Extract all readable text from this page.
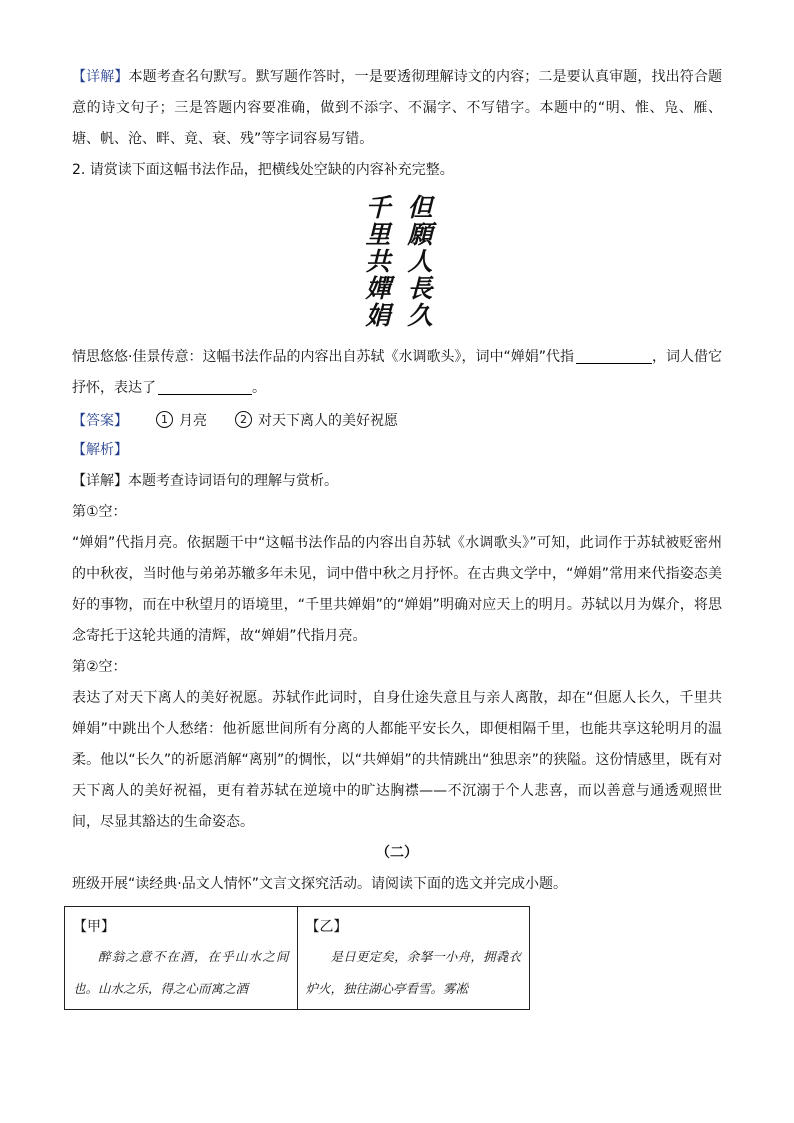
【详解】本题考查名句默写。默写题作答时，一是要透彻理解诗文的内容；二是要认真审题，找出符合题意的诗文句子；三是答题内容要准确，做到不添字、不漏字、不写错字。本题中的“明、惟、凫、雁、塘、帆、沧、畔、竟、衰、残”等字词容易写错。

2. 请赏读下面这幅书法作品，把横线处空缺的内容补充完整。

但願人長久
千里共嬋娟

情思悠悠·佳景传意：这幅书法作品的内容出自苏轼《水调歌头》，词中“婵娟”代指	，词人借它抒怀，表达了	。

【答案】	1 月亮	2 对天下离人的美好祝愿

【解析】

【详解】本题考查诗词语句的理解与赏析。

第①空：

“婵娟”代指月亮。依据题干中“这幅书法作品的内容出自苏轼《水调歌头》”可知，此词作于苏轼被贬密州的中秋夜，当时他与弟弟苏辙多年未见，词中借中秋之月抒怀。在古典文学中，“婵娟”常用来代指姿态美好的事物，而在中秋望月的语境里，“千里共婵娟”的“婵娟”明确对应天上的明月。苏轼以月为媒介，将思念寄托于这轮共通的清辉，故“婵娟”代指月亮。

第②空：

表达了对天下离人的美好祝愿。苏轼作此词时，自身仕途失意且与亲人离散，却在“但愿人长久，千里共婵娟”中跳出个人愁绪：他祈愿世间所有分离的人都能平安长久，即便相隔千里，也能共享这轮明月的温柔。他以“长久”的祈愿消解“离别”的惆怅，以“共婵娟”的共情跳出“独思亲”的狭隘。这份情感里，既有对天下离人的美好祝福，更有着苏轼在逆境中的旷达胸襟——不沉溺于个人悲喜，而以善意与通透观照世间，尽显其豁达的生命姿态。

（二）

班级开展“读经典·品文人情怀”文言文探究活动。请阅读下面的选文并完成小题。

【甲】
醉翁之意不在酒，在乎山水之间也。山水之乐，得之心而寓之酒

【乙】
是日更定矣，余拏一小舟，拥毳衣炉火，独往湖心亭看雪。雾凇
